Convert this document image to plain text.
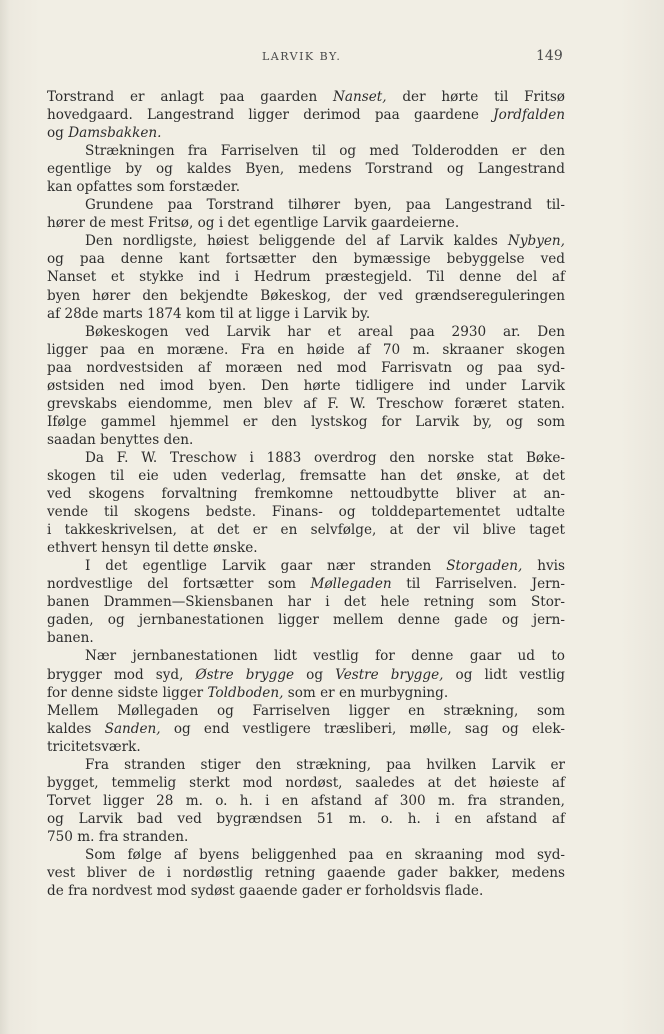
LARVIK BY.	149

Torstrand er anlagt paa gaarden Nanset, der hørte til Fritsø

hovedgaard. Langestrand ligger derimod paa gaardene Jordfalden

og Damsbakken.

Strækningen fra Farriselven til og med Tolderodden er den

egentlige by og kaldes Byen, medens Torstrand og Langestrand

kan opfattes som forstæder.

Grundene paa Torstrand tilhører byen, paa Langestrand til-

hører de mest Fritsø, og i det egentlige Larvik gaardeierne.

Den nordligste, høiest beliggende del af Larvik kaldes Nybyen,

og paa denne kant fortsætter den bymæssige bebyggelse ved

Nanset et stykke ind i Hedrum præstegjeld. Til denne del af

byen hører den bekjendte Bøkeskog, der ved grændsereguleringen

af 28de marts 1874 kom til at ligge i Larvik by.

Bøkeskogen ved Larvik har et areal paa 2930 ar. Den

ligger paa en moræne. Fra en høide af 70 m. skraaner skogen

paa nordvestsiden af moræen ned mod Farrisvatn og paa syd-

østsiden ned imod byen. Den hørte tidligere ind under Larvik

grevskabs eiendomme, men blev af F. W. Treschow foræret staten.

Ifølge gammel hjemmel er den lystskog for Larvik by, og som

saadan benyttes den.

Da F. W. Treschow i 1883 overdrog den norske stat Bøke-

skogen til eie uden vederlag, fremsatte han det ønske, at det

ved skogens forvaltning fremkomne nettoudbytte bliver at an-

vende til skogens bedste. Finans- og tolddepartementet udtalte

i takkeskrivelsen, at det er en selvfølge, at der vil blive taget

ethvert hensyn til dette ønske.

I det egentlige Larvik gaar nær stranden Storgaden, hvis

nordvestlige del fortsætter som Møllegaden til Farriselven. Jern-

banen Drammen—Skiensbanen har i det hele retning som Stor-

gaden, og jernbanestationen ligger mellem denne gade og jern-

banen.

Nær jernbanestationen lidt vestlig for denne gaar ud to

brygger mod syd, Østre brygge og Vestre brygge, og lidt vestlig

for denne sidste ligger Toldboden, som er en murbygning.

Mellem Møllegaden og Farriselven ligger en strækning, som

kaldes Sanden, og end vestligere træsliberi, mølle, sag og elek-

tricitetsværk.

Fra stranden stiger den strækning, paa hvilken Larvik er

bygget, temmelig sterkt mod nordøst, saaledes at det høieste af

Torvet ligger 28 m. o. h. i en afstand af 300 m. fra stranden,

og Larvik bad ved bygrændsen 51 m. o. h. i en afstand af

750 m. fra stranden.

Som følge af byens beliggenhed paa en skraaning mod syd-

vest bliver de i nordøstlig retning gaaende gader bakker, medens

de fra nordvest mod sydøst gaaende gader er forholdsvis flade.
